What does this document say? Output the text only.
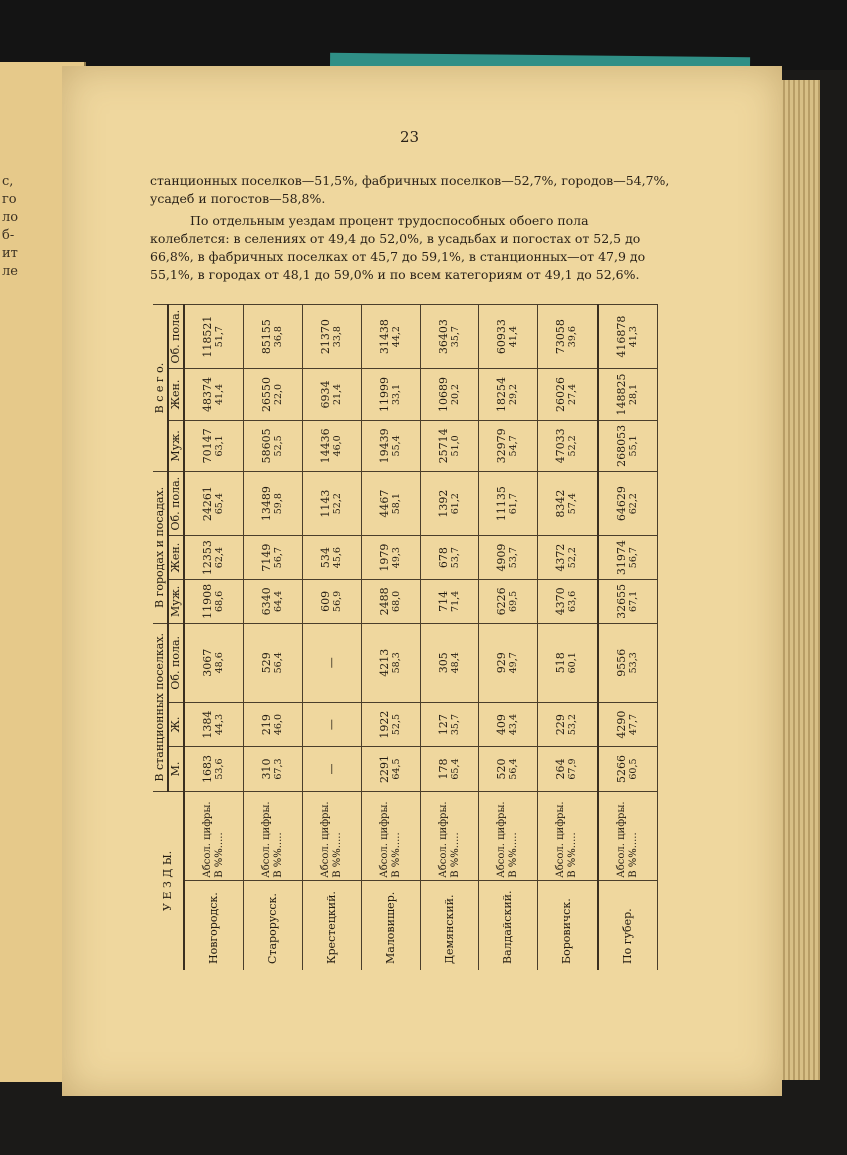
с,
го
ло
б-
ит
ле
23

станционных поселков—51,5%, фабричных поселков—52,7%, городов—54,7%, усадеб и погостов—58,8%.

По отдельным уездам процент трудоспособных обоего пола колеблется: в селениях от 49,4 до 52,0%, в усадьбах и погостах от 52,5 до 66,8%, в фабричных поселках от 45,7 до 59,1%, в станционных—от 47,9 до 55,1%, в городах от 48,1 до 59,0% и по всем категориям от 49,1 до 52,6%.

У Е З Д Ы.		В станционных поселках.			В городах и посадах.			В с е г о.		
		М.	Ж.	Об. пола.	Муж.	Жен.	Об. пола.	Муж.	Жен.	Об. пола.
Новгородск.	Абсол. цифры. В %%.....	1683 53,6	1384 44,3	3067 48,6	11908 68,6	12353 62,4	24261 65,4	70147 63,1	48374 41,4	118521 51,7

Старорусск.	Абсол. цифры. В %%.....	310 67,3	219 46,0	529 56,4	6340 64,4	7149 56,7	13489 59,8	58605 52,5	26550 22,0	85155 36,8

Крестецкий.	Абсол. цифры. В %%.....	—	—	—	609 56,9	534 45,6	1143 52,2	14436 46,0	6934 21,4	21370 33,8

Маловишер.	Абсол. цифры. В %%.....	2291 64,5	1922 52,5	4213 58,3	2488 68,0	1979 49,3	4467 58,1	19439 55,4	11999 33,1	31438 44,2

Демянский.	Абсол. цифры. В %%.....	178 65,4	127 35,7	305 48,4	714 71,4	678 53,7	1392 61,2	25714 51,0	10689 20,2	36403 35,7

Валдайский.	Абсол. цифры. В %%.....	520 56,4	409 43,4	929 49,7	6226 69,5	4909 53,7	11135 61,7	32979 54,7	18254 29,2	60933 41,4

Боровичск.	Абсол. цифры. В %%.....	264 67,9	229 53,2	518 60,1	4370 63,6	4372 52,2	8342 57,4	47033 52,2	26026 27,4	73058 39,6

По губер.	Абсол. цифры. В %%.....	5266 60,5	4290 47,7	9556 53,3	32655 67,1	31974 56,7	64629 62,2	268053 55,1	148825 28,1	416878 41,3
